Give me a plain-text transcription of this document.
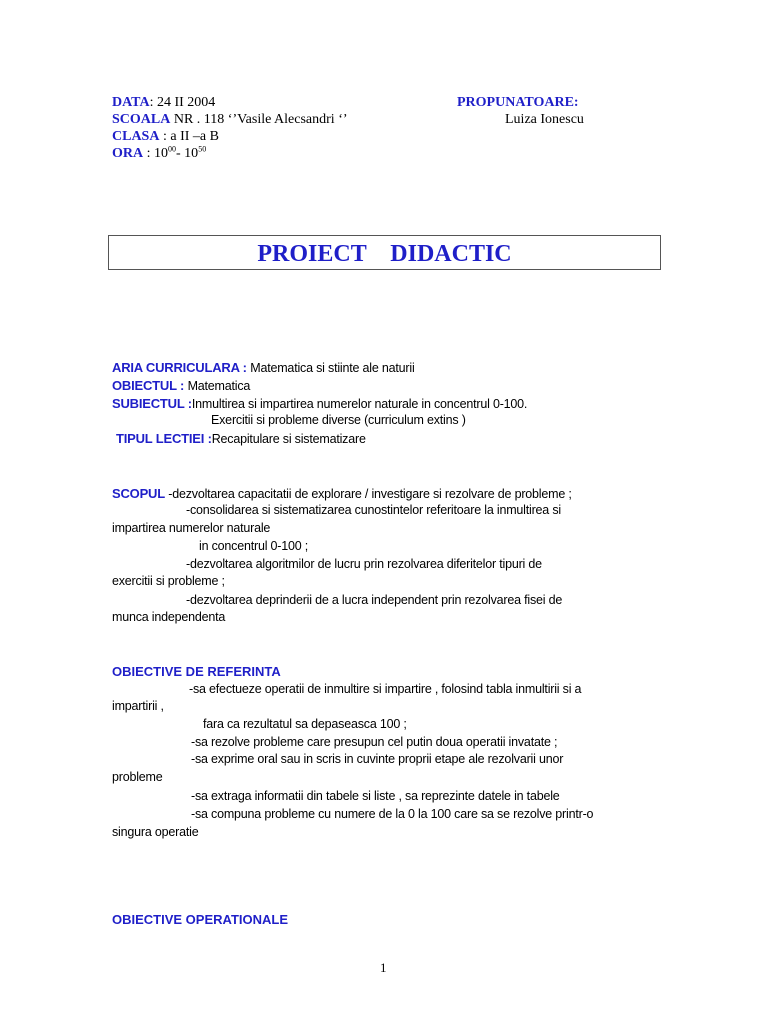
DATA: 24 II 2004
SCOALA NR . 118 ‘’Vasile Alecsandri ‘’
CLASA : a II –a B
ORA : $10^{00}-$ $10^{50}$
PROPUNATOARE:
Luiza Ionescu
PROIECT    DIDACTIC
ARIA CURRICULARA : Matematica si stiinte ale naturii
OBIECTUL : Matematica
SUBIECTUL :Inmultirea si impartirea numerelor naturale in concentrul 0-100.
Exercitii si probleme diverse (curriculum extins )
TIPUL LECTIEI :Recapitulare si sistematizare
SCOPUL -dezvoltarea capacitatii de explorare / investigare si rezolvare de probleme ;
-consolidarea si sistematizarea cunostintelor referitoare la inmultirea si
impartirea numerelor naturale
in concentrul 0-100 ;
-dezvoltarea algoritmilor de lucru prin rezolvarea diferitelor tipuri de
exercitii si probleme ;
-dezvoltarea deprinderii de a lucra independent prin rezolvarea fisei de
munca independenta
OBIECTIVE DE REFERINTA
-sa efectueze operatii de inmultire si impartire , folosind tabla inmultirii si a
impartirii ,
fara ca rezultatul sa depaseasca 100 ;
-sa rezolve probleme care presupun cel putin doua operatii invatate ;
-sa exprime oral sau in scris in cuvinte proprii etape ale rezolvarii unor
probleme
-sa extraga informatii din tabele si liste , sa reprezinte datele in tabele
-sa compuna probleme cu numere de la 0 la 100 care sa se rezolve printr-o
singura operatie
OBIECTIVE OPERATIONALE
1
